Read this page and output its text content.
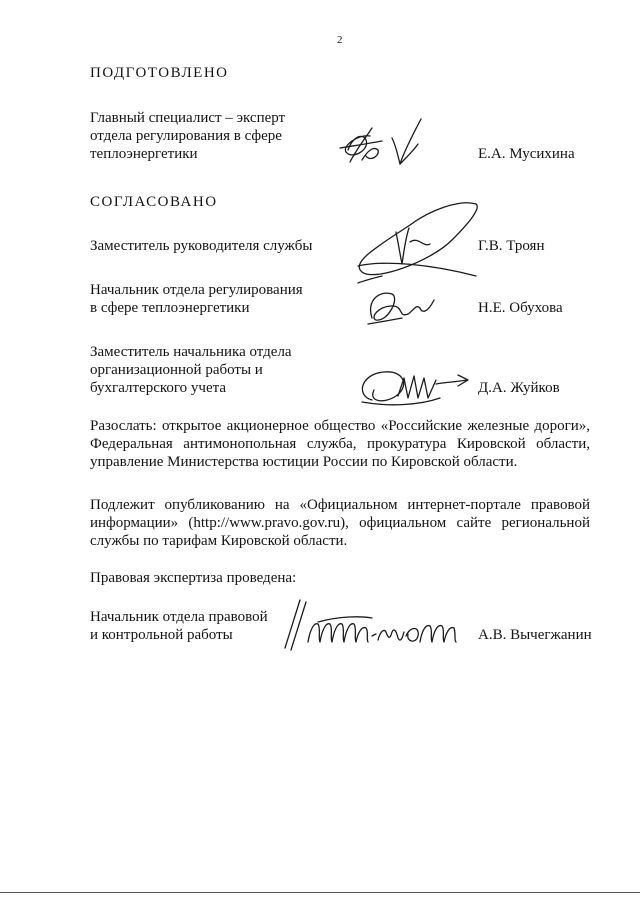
2
ПОДГОТОВЛЕНО
Главный специалист – эксперт
отдела регулирования в сфере
теплоэнергетики	Е.А. Мусихина
СОГЛАСОВАНО
Заместитель руководителя службы	Г.В. Троян
Начальник отдела регулирования
в сфере теплоэнергетики	Н.Е. Обухова
Заместитель начальника отдела
организационной работы и
бухгалтерского учета	Д.А. Жуйков
Разослать: открытое акционерное общество «Российские железные дороги»,
Федеральная антимонопольная служба, прокуратура Кировской области,
управление Министерства юстиции России по Кировской области.
Подлежит опубликованию на «Официальном интернет-портале правовой
информации» (http://www.pravo.gov.ru), официальном сайте региональной
службы по тарифам Кировской области.
Правовая экспертиза проведена:
Начальник отдела правовой
и контрольной работы	А.В. Вычегжанин
